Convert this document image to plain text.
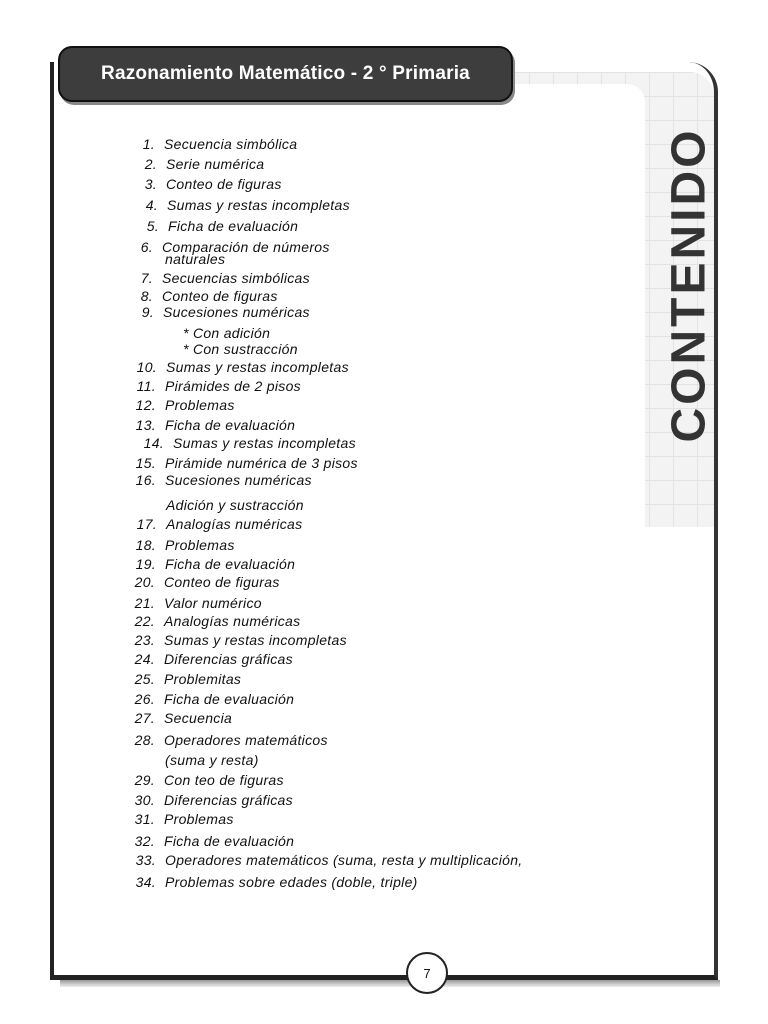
Razonamiento Matemático - 2 ° Primaria
CONTENIDO
1. Secuencia simbólica
2. Serie numérica
3. Conteo de figuras
4. Sumas y restas incompletas
5. Ficha de evaluación
6. Comparación de números
naturales
7. Secuencias simbólicas
8. Conteo de figuras
9. Sucesiones numéricas
* Con adición
* Con sustracción
10. Sumas y restas incompletas
11. Pirámides de 2 pisos
12. Problemas
13. Ficha de evaluación
14. Sumas y restas incompletas
15. Pirámide numérica de 3 pisos
16. Sucesiones numéricas
Adición y sustracción
17. Analogías numéricas
18. Problemas
19. Ficha de evaluación
20. Conteo de figuras
21. Valor numérico
22. Analogías numéricas
23. Sumas y restas incompletas
24. Diferencias gráficas
25. Problemitas
26. Ficha de evaluación
27. Secuencia
28. Operadores matemáticos
(suma y resta)
29. Con teo de figuras
30. Diferencias gráficas
31. Problemas
32. Ficha de evaluación
33. Operadores matemáticos (suma, resta y multiplicación,
34. Problemas sobre edades (doble, triple)
7
